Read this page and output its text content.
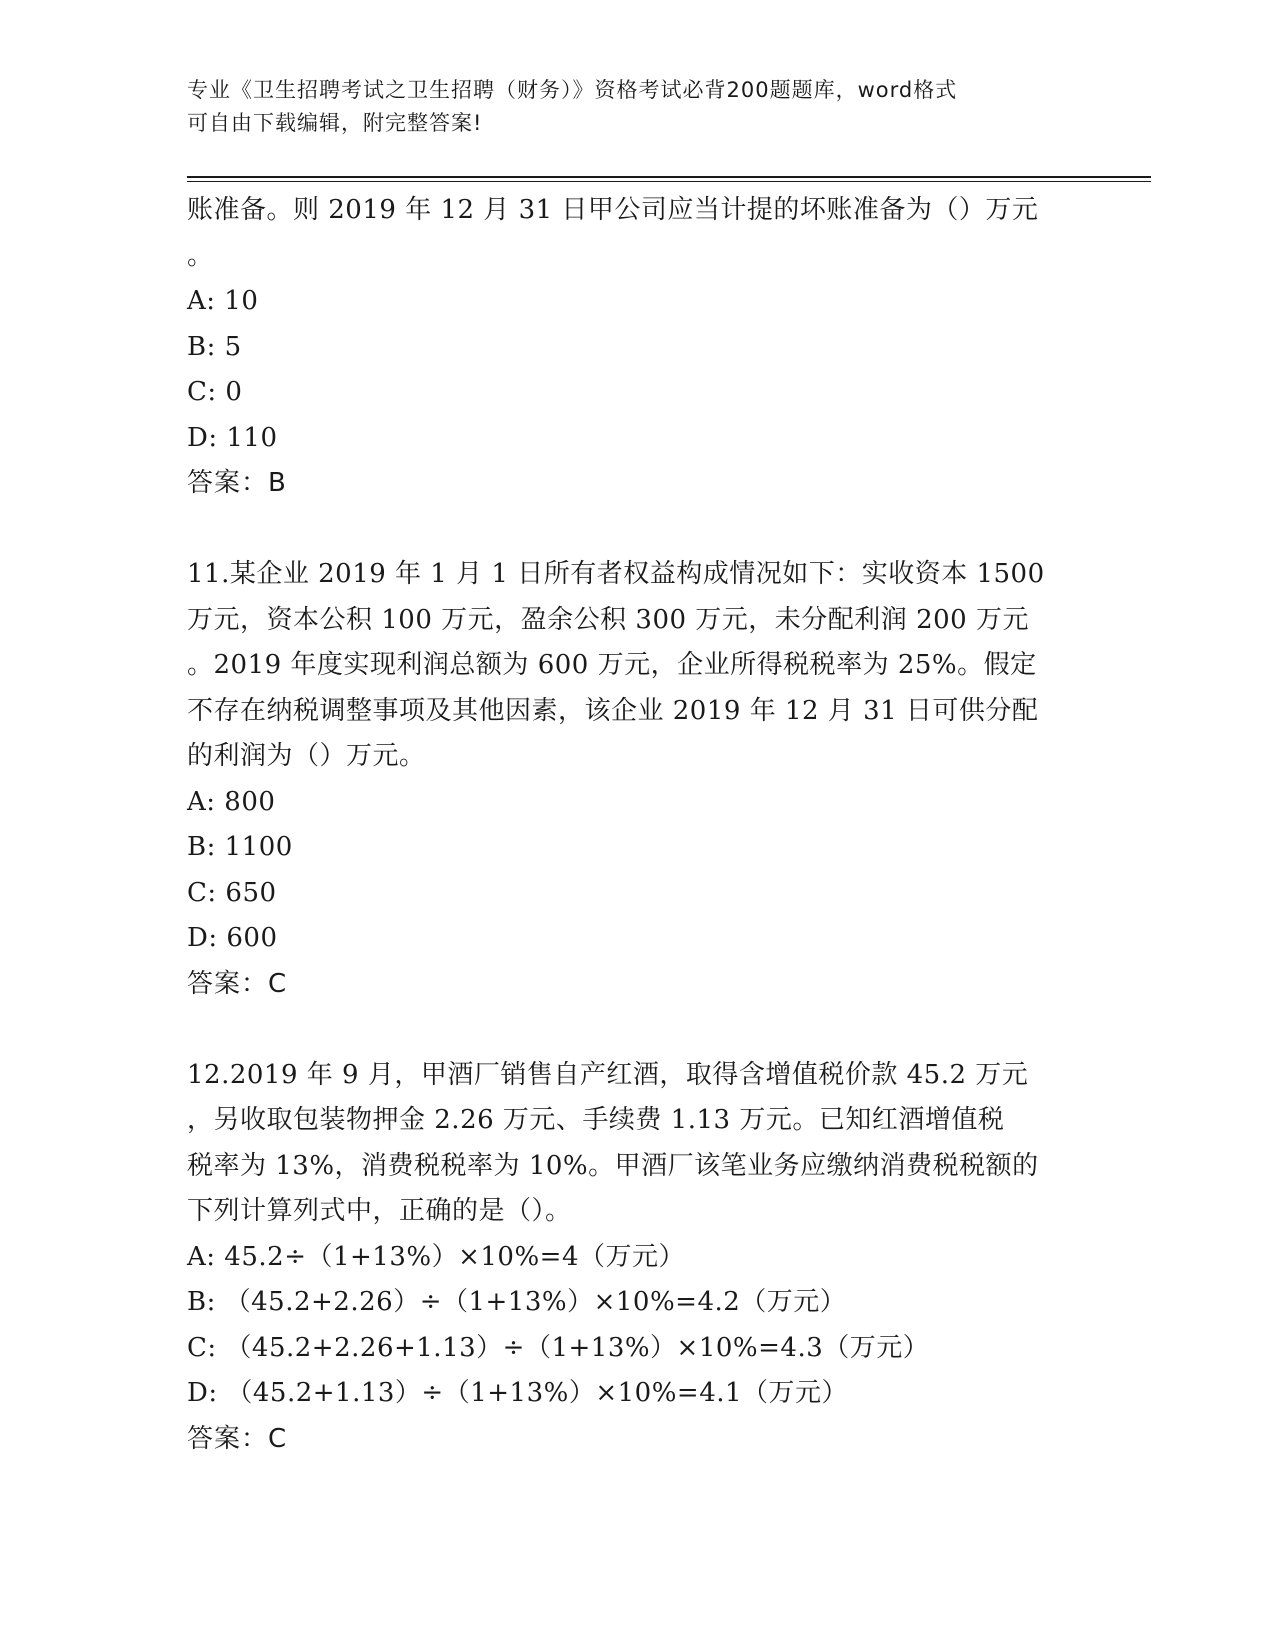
专业《卫生招聘考试之卫生招聘（财务）》资格考试必背200题题库，word格式
可自由下载编辑，附完整答案!
账准备。则 2019 年 12 月 31 日甲公司应当计提的坏账准备为（）万元
。
A: 10
B: 5
C: 0
D: 110
答案：B
11.某企业 2019 年 1 月 1 日所有者权益构成情况如下：实收资本 1500
万元，资本公积 100 万元，盈余公积 300 万元，未分配利润 200 万元
。2019 年度实现利润总额为 600 万元，企业所得税税率为 25%。假定
不存在纳税调整事项及其他因素，该企业 2019 年 12 月 31 日可供分配
的利润为（）万元。
A: 800
B: 1100
C: 650
D: 600
答案：C
12.2019 年 9 月，甲酒厂销售自产红酒，取得含增值税价款 45.2 万元
，另收取包装物押金 2.26 万元、手续费 1.13 万元。已知红酒增值税
税率为 13%，消费税税率为 10%。甲酒厂该笔业务应缴纳消费税税额的
下列计算列式中，正确的是（）。
A: 45.2÷（1+13%）×10%=4（万元）
B: （45.2+2.26）÷（1+13%）×10%=4.2（万元）
C: （45.2+2.26+1.13）÷（1+13%）×10%=4.3（万元）
D: （45.2+1.13）÷（1+13%）×10%=4.1（万元）
答案：C
